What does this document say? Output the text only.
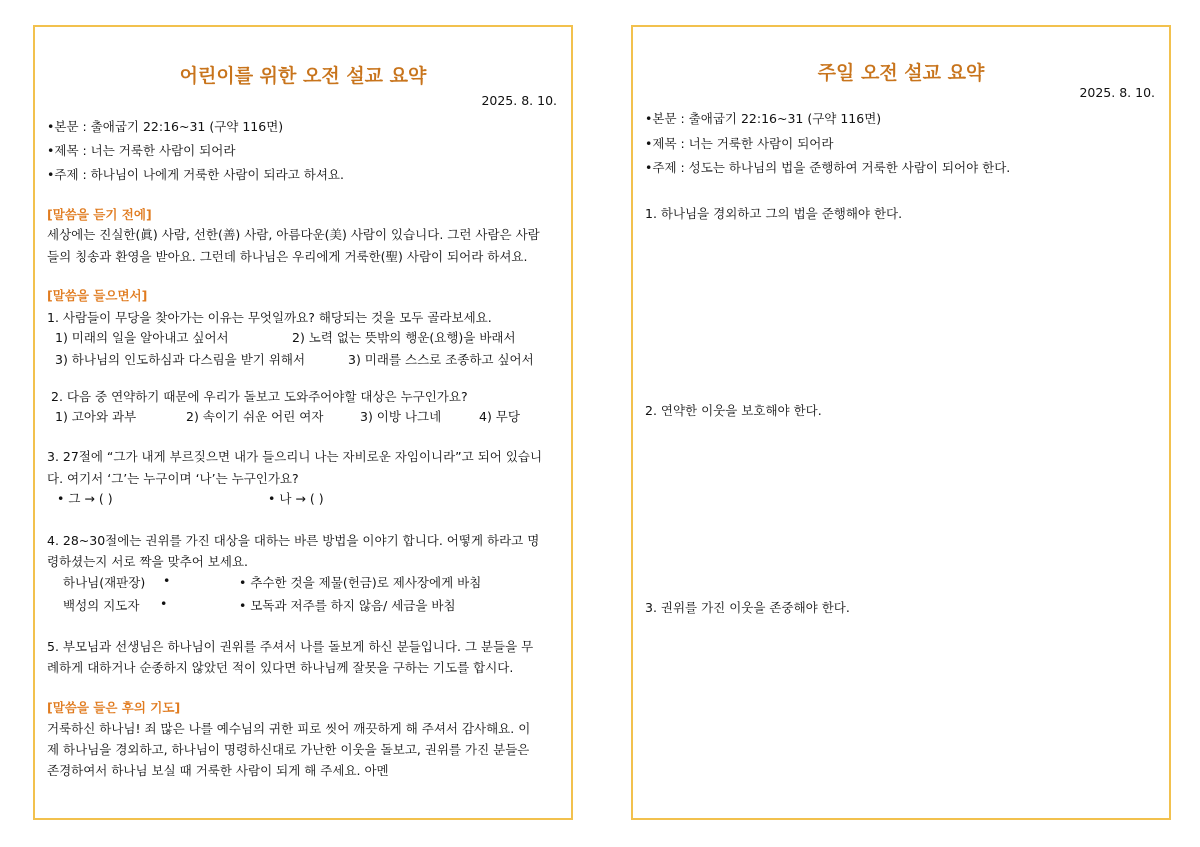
어린이를 위한 오전 설교 요약
2025. 8. 10.
•본문 : 출애굽기 22:16~31 (구약 116면)
•제목 : 너는 거룩한 사람이 되어라
•주제 : 하나님이 나에게 거룩한 사람이 되라고 하셔요.
[말씀을 듣기 전에]
세상에는 진실한(眞) 사람, 선한(善) 사람, 아름다운(美) 사람이 있습니다. 그런 사람은 사람
들의 칭송과 환영을 받아요. 그런데 하나님은 우리에게 거룩한(聖) 사람이 되어라 하셔요.
[말씀을 들으면서]
1. 사람들이 무당을 찾아가는 이유는 무엇일까요? 해당되는 것을 모두 골라보세요.
1) 미래의 일을 알아내고 싶어서	2) 노력 없는 뜻밖의 행운(요행)을 바래서
3) 하나님의 인도하심과 다스림을 받기 위해서	3) 미래를 스스로 조종하고 싶어서
2. 다음 중 연약하기 때문에 우리가 돌보고 도와주어야할 대상은 누구인가요?
1) 고아와 과부	2) 속이기 쉬운 어린 여자	3) 이방 나그네	4) 무당
3. 27절에 “그가 내게 부르짖으면 내가 들으리니 나는 자비로운 자임이니라”고 되어 있습니
다. 여기서 ‘그’는 누구이며 ‘나’는 누구인가요?
• 그 → ( )	• 나 → ( )
4. 28~30절에는 권위를 가진 대상을 대하는 바른 방법을 이야기 합니다. 어떻게 하라고 명
령하셨는지 서로 짝을 맞추어 보세요.
하나님(재판장) •	• 추수한 것을 제물(헌금)로 제사장에게 바침
백성의 지도자 •	• 모독과 저주를 하지 않음/ 세금을 바침
5. 부모님과 선생님은 하나님이 권위를 주셔서 나를 돌보게 하신 분들입니다. 그 분들을 무
례하게 대하거나 순종하지 않았던 적이 있다면 하나님께 잘못을 구하는 기도를 합시다.
[말씀을 들은 후의 기도]
거룩하신 하나님! 죄 많은 나를 예수님의 귀한 피로 씻어 깨끗하게 해 주셔서 감사해요. 이
제 하나님을 경외하고, 하나님이 명령하신대로 가난한 이웃을 돌보고, 권위를 가진 분들은
존경하여서 하나님 보실 때 거룩한 사람이 되게 해 주세요. 아멘
주일 오전 설교 요약
2025. 8. 10.
•본문 : 출애굽기 22:16~31 (구약 116면)
•제목 : 너는 거룩한 사람이 되어라
•주제 : 성도는 하나님의 법을 준행하여 거룩한 사람이 되어야 한다.
1. 하나님을 경외하고 그의 법을 준행해야 한다.
2. 연약한 이웃을 보호해야 한다.
3. 권위를 가진 이웃을 존중해야 한다.
